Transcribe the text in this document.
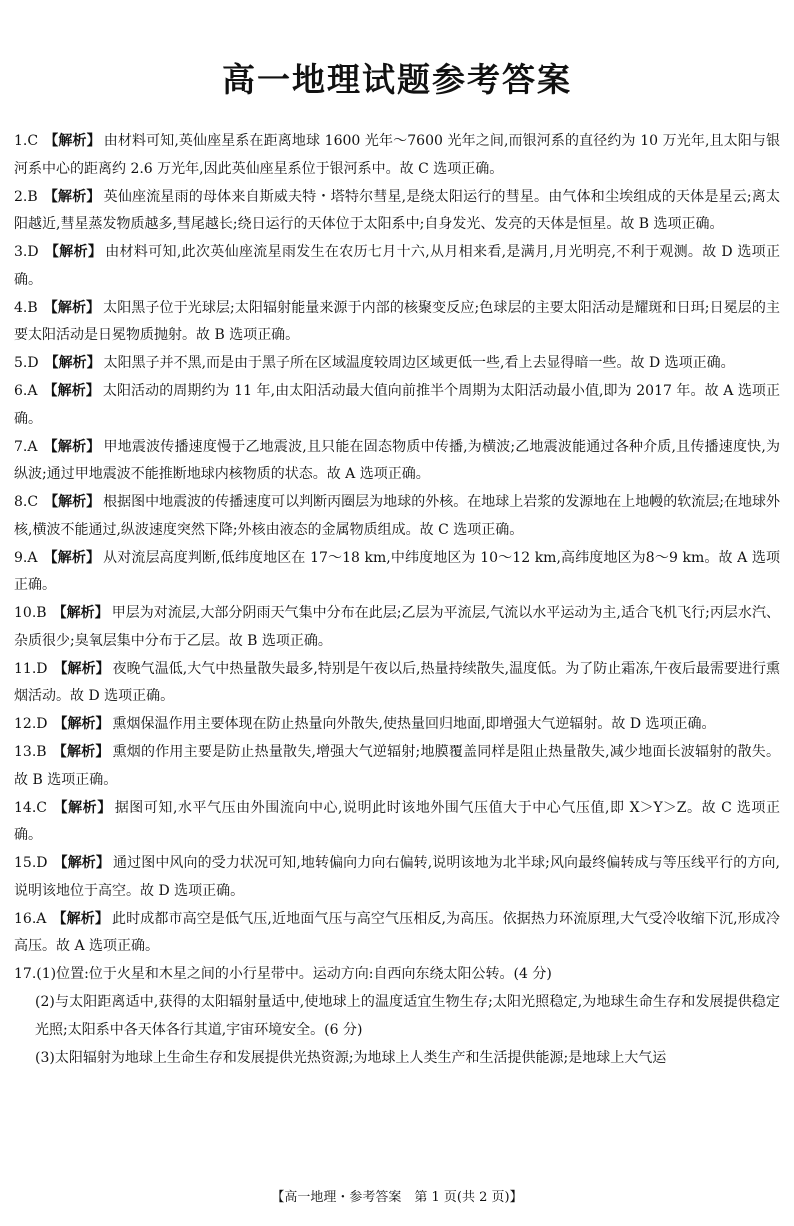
高一地理试题参考答案
1.C 【解析】 由材料可知,英仙座星系在距离地球 1600 光年～7600 光年之间,而银河系的直径约为 10 万光年,且太阳与银河系中心的距离约 2.6 万光年,因此英仙座星系位于银河系中。故 C 选项正确。
2.B 【解析】 英仙座流星雨的母体来自斯威夫特・塔特尔彗星,是绕太阳运行的彗星。由气体和尘埃组成的天体是星云;离太阳越近,彗星蒸发物质越多,彗尾越长;绕日运行的天体位于太阳系中;自身发光、发亮的天体是恒星。故 B 选项正确。
3.D 【解析】 由材料可知,此次英仙座流星雨发生在农历七月十六,从月相来看,是满月,月光明亮,不利于观测。故 D 选项正确。
4.B 【解析】 太阳黑子位于光球层;太阳辐射能量来源于内部的核聚变反应;色球层的主要太阳活动是耀斑和日珥;日冕层的主要太阳活动是日冕物质抛射。故 B 选项正确。
5.D 【解析】 太阳黑子并不黑,而是由于黑子所在区域温度较周边区域更低一些,看上去显得暗一些。故 D 选项正确。
6.A 【解析】 太阳活动的周期约为 11 年,由太阳活动最大值向前推半个周期为太阳活动最小值,即为 2017 年。故 A 选项正确。
7.A 【解析】 甲地震波传播速度慢于乙地震波,且只能在固态物质中传播,为横波;乙地震波能通过各种介质,且传播速度快,为纵波;通过甲地震波不能推断地球内核物质的状态。故 A 选项正确。
8.C 【解析】 根据图中地震波的传播速度可以判断丙圈层为地球的外核。在地球上岩浆的发源地在上地幔的软流层;在地球外核,横波不能通过,纵波速度突然下降;外核由液态的金属物质组成。故 C 选项正确。
9.A 【解析】 从对流层高度判断,低纬度地区在 17～18 km,中纬度地区为 10～12 km,高纬度地区为8～9 km。故 A 选项正确。
10.B 【解析】 甲层为对流层,大部分阴雨天气集中分布在此层;乙层为平流层,气流以水平运动为主,适合飞机飞行;丙层水汽、杂质很少;臭氧层集中分布于乙层。故 B 选项正确。
11.D 【解析】 夜晚气温低,大气中热量散失最多,特别是午夜以后,热量持续散失,温度低。为了防止霜冻,午夜后最需要进行熏烟活动。故 D 选项正确。
12.D 【解析】 熏烟保温作用主要体现在防止热量向外散失,使热量回归地面,即增强大气逆辐射。故 D 选项正确。
13.B 【解析】 熏烟的作用主要是防止热量散失,增强大气逆辐射;地膜覆盖同样是阻止热量散失,减少地面长波辐射的散失。故 B 选项正确。
14.C 【解析】 据图可知,水平气压由外围流向中心,说明此时该地外围气压值大于中心气压值,即 X＞Y＞Z。故 C 选项正确。
15.D 【解析】 通过图中风向的受力状况可知,地转偏向力向右偏转,说明该地为北半球;风向最终偏转成与等压线平行的方向,说明该地位于高空。故 D 选项正确。
16.A 【解析】 此时成都市高空是低气压,近地面气压与高空气压相反,为高压。依据热力环流原理,大气受冷收缩下沉,形成冷高压。故 A 选项正确。
17.(1)位置:位于火星和木星之间的小行星带中。运动方向:自西向东绕太阳公转。(4 分)
(2)与太阳距离适中,获得的太阳辐射量适中,使地球上的温度适宜生物生存;太阳光照稳定,为地球生命生存和发展提供稳定光照;太阳系中各天体各行其道,宇宙环境安全。(6 分)
(3)太阳辐射为地球上生命生存和发展提供光热资源;为地球上人类生产和生活提供能源;是地球上大气运
【高一地理・参考答案　第 1 页(共 2 页)】
